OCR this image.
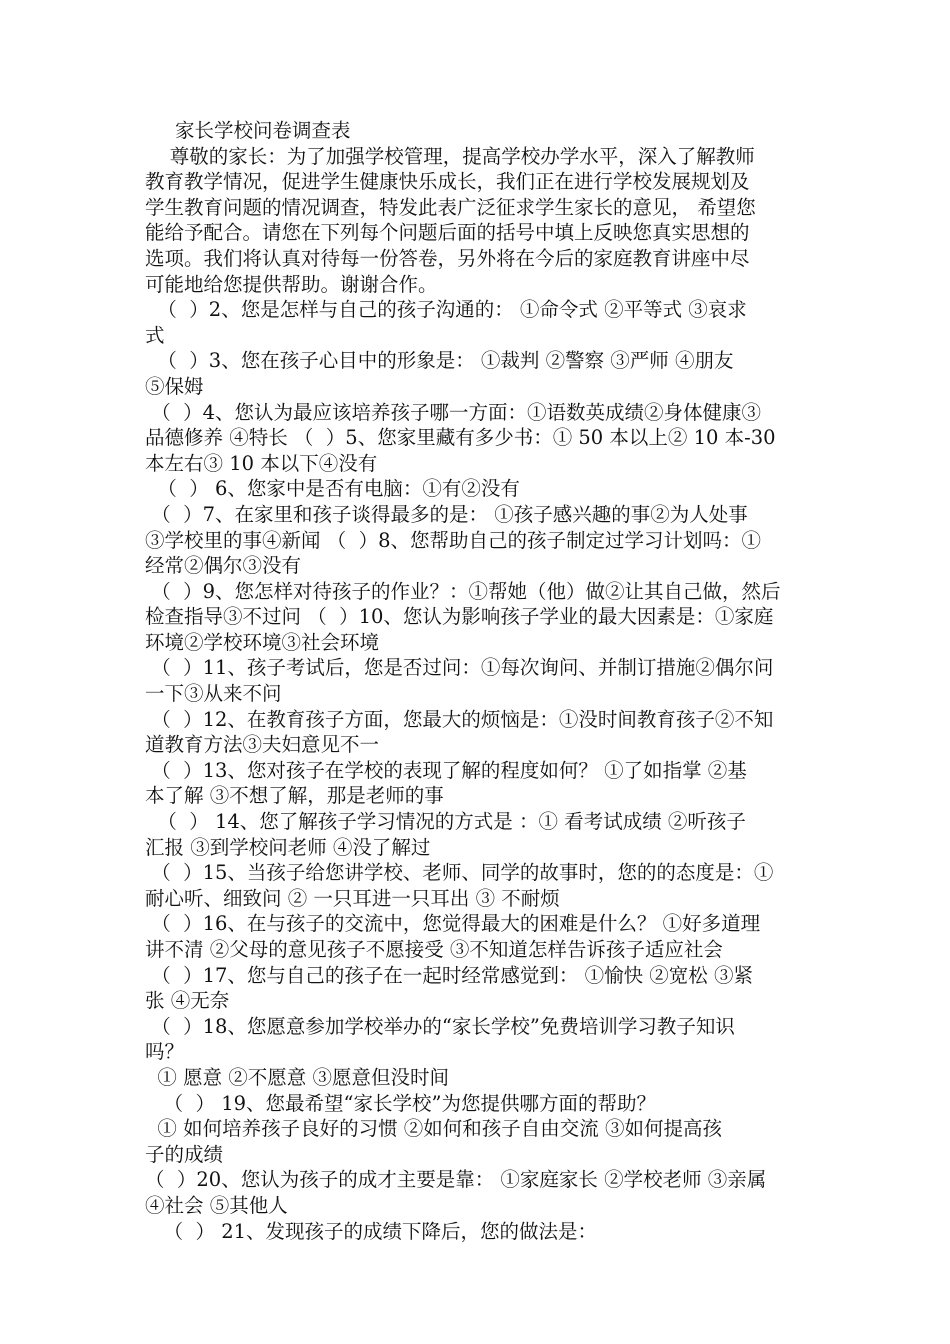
家长学校问卷调查表
尊敬的家长：为了加强学校管理，提高学校办学水平，深入了解教师
教育教学情况，促进学生健康快乐成长，我们正在进行学校发展规划及
学生教育问题的情况调查，特发此表广泛征求学生家长的意见， 希望您
能给予配合。请您在下列每个问题后面的括号中填上反映您真实思想的
选项。我们将认真对待每一份答卷，另外将在今后的家庭教育讲座中尽
可能地给您提供帮助。谢谢合作。
（  ）2、您是怎样与自己的孩子沟通的： ①命令式 ②平等式 ③哀求
式
（  ）3、您在孩子心目中的形象是： ①裁判 ②警察 ③严师 ④朋友
⑤保姆
（  ）4、您认为最应该培养孩子哪一方面：①语数英成绩②身体健康③
品德修养 ④特长 （  ）5、您家里藏有多少书：① 50 本以上② 10 本-30
本左右③ 10 本以下④没有
（  ） 6、您家中是否有电脑：①有②没有
（  ）7、在家里和孩子谈得最多的是： ①孩子感兴趣的事②为人处事
③学校里的事④新闻 （  ）8、您帮助自己的孩子制定过学习计划吗：①
经常②偶尔③没有
（  ）9、您怎样对待孩子的作业？：①帮她（他）做②让其自己做，然后
检查指导③不过问 （  ）10、您认为影响孩子学业的最大因素是：①家庭
环境②学校环境③社会环境
（  ）11、孩子考试后，您是否过问：①每次询问、并制订措施②偶尔问
一下③从来不问
（  ）12、在教育孩子方面，您最大的烦恼是：①没时间教育孩子②不知
道教育方法③夫妇意见不一
（  ）13、您对孩子在学校的表现了解的程度如何？ ①了如指掌 ②基
本了解 ③不想了解，那是老师的事
（  ） 14、您了解孩子学习情况的方式是 ：① 看考试成绩 ②听孩子
汇报 ③到学校问老师 ④没了解过
（  ）15、当孩子给您讲学校、老师、同学的故事时，您的的态度是：①
耐心听、细致问 ② 一只耳进一只耳出 ③ 不耐烦
（  ）16、在与孩子的交流中，您觉得最大的困难是什么？ ①好多道理
讲不清 ②父母的意见孩子不愿接受 ③不知道怎样告诉孩子适应社会
（  ）17、您与自己的孩子在一起时经常感觉到： ①愉快 ②宽松 ③紧
张 ④无奈
（  ）18、您愿意参加学校举办的“家长学校”免费培训学习教子知识
吗？
① 愿意 ②不愿意 ③愿意但没时间
（  ） 19、您最希望“家长学校”为您提供哪方面的帮助？
① 如何培养孩子良好的习惯 ②如何和孩子自由交流 ③如何提高孩
子的成绩
（  ）20、您认为孩子的成才主要是靠： ①家庭家长 ②学校老师 ③亲属
④社会 ⑤其他人
（  ） 21、发现孩子的成绩下降后，您的做法是：
